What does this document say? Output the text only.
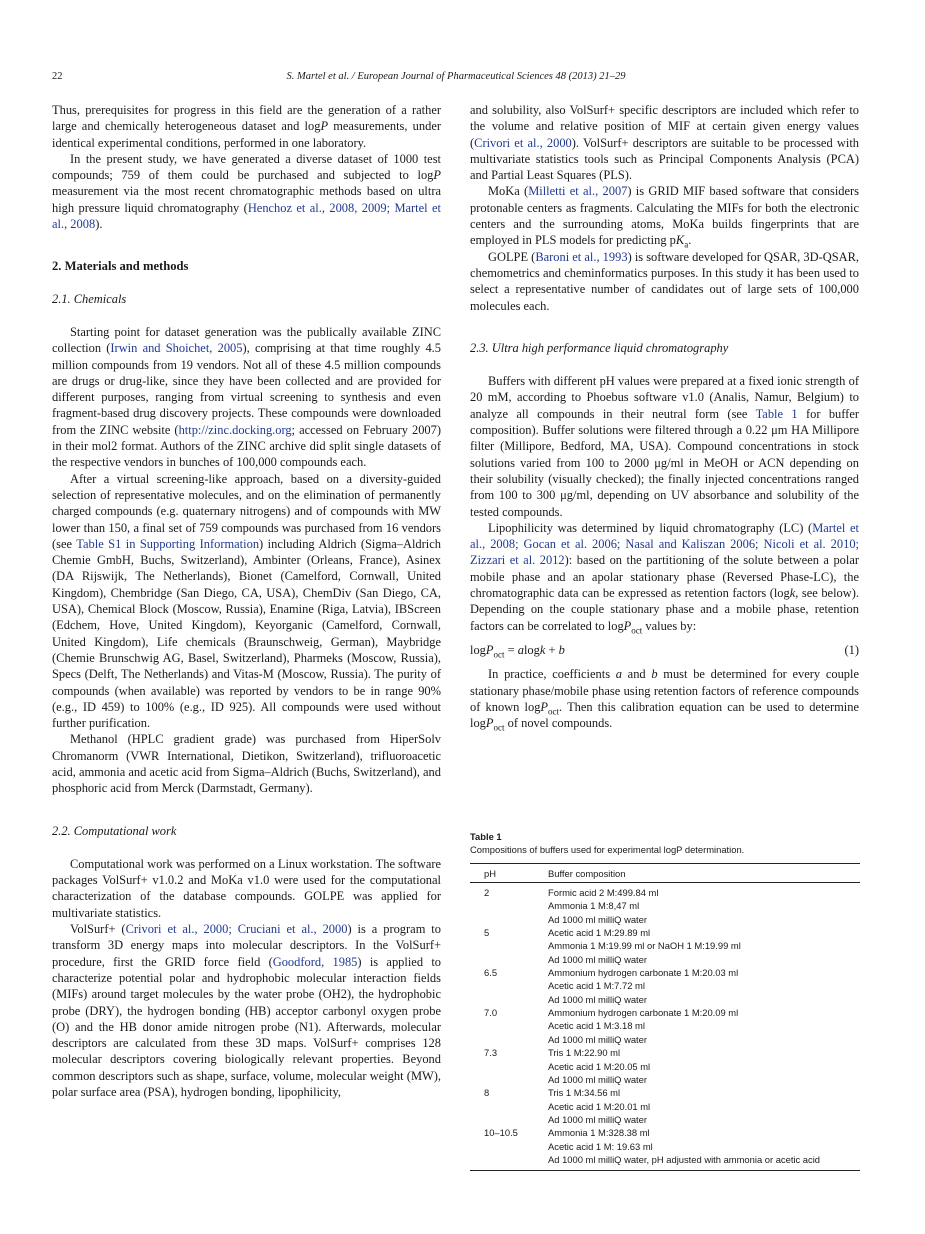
22	S. Martel et al. / European Journal of Pharmaceutical Sciences 48 (2013) 21–29

Thus, prerequisites for progress in this field are the generation of a rather large and chemically heterogeneous dataset and logP measurements, under identical experimental conditions, performed in one laboratory.

In the present study, we have generated a diverse dataset of 1000 test compounds; 759 of them could be purchased and subjected to logP measurement via the most recent chromatographic methods based on ultra high pressure liquid chromatography (Henchoz et al., 2008, 2009; Martel et al., 2008).

2. Materials and methods
2.1. Chemicals

Starting point for dataset generation was the publically available ZINC collection (Irwin and Shoichet, 2005), comprising at that time roughly 4.5 million compounds from 19 vendors. Not all of these 4.5 million compounds are drugs or drug-like, since they have been collected and are provided for different purposes, ranging from virtual screening to synthesis and even fragment-based drug discovery projects. These compounds were downloaded from the ZINC website (http://zinc.docking.org; accessed on February 2007) in their mol2 format. Authors of the ZINC archive did split single datasets of the respective vendors in bunches of 100,000 compounds each.

After a virtual screening-like approach, based on a diversity-guided selection of representative molecules, and on the elimination of permanently charged compounds (e.g. quaternary nitrogens) and of compounds with MW lower than 150, a final set of 759 compounds was purchased from 16 vendors (see Table S1 in Supporting Information) including Aldrich (Sigma–Aldrich Chemie GmbH, Buchs, Switzerland), Ambinter (Orleans, France), Asinex (DA Rijswijk, The Netherlands), Bionet (Camelford, Cornwall, United Kingdom), Chembridge (San Diego, CA, USA), ChemDiv (San Diego, CA, USA), Chemical Block (Moscow, Russia), Enamine (Riga, Latvia), IBScreen (Edchem, Hove, United Kingdom), Keyorganic (Camelford, Cornwall, United Kingdom), Life chemicals (Braunschweig, German), Maybridge (Chemie Brunschwig AG, Basel, Switzerland), Pharmeks (Moscow, Russia), Specs (Delft, The Netherlands) and Vitas-M (Moscow, Russia). The purity of compounds (when available) was reported by vendors to be in range 90% (e.g., ID 459) to 100% (e.g., ID 925). All compounds were used without further purification.

Methanol (HPLC gradient grade) was purchased from HiperSolv Chromanorm (VWR International, Dietikon, Switzerland), trifluoroacetic acid, ammonia and acetic acid from Sigma–Aldrich (Buchs, Switzerland), and phosphoric acid from Merck (Darmstadt, Germany).

2.2. Computational work

Computational work was performed on a Linux workstation. The software packages VolSurf+ v1.0.2 and MoKa v1.0 were used for the computational characterization of the database compounds. GOLPE was applied for multivariate statistics.

VolSurf+ (Crivori et al., 2000; Cruciani et al., 2000) is a program to transform 3D energy maps into molecular descriptors. In the VolSurf+ procedure, first the GRID force field (Goodford, 1985) is applied to characterize potential polar and hydrophobic molecular interaction fields (MIFs) around target molecules by the water probe (OH2), the hydrophobic probe (DRY), the hydrogen bonding (HB) acceptor carbonyl oxygen probe (O) and the HB donor amide nitrogen probe (N1). Afterwards, molecular descriptors are calculated from these 3D maps. VolSurf+ comprises 128 molecular descriptors covering biologically relevant properties. Beyond common descriptors such as shape, surface, volume, molecular weight (MW), polar surface area (PSA), hydrogen bonding, lipophilicity,

and solubility, also VolSurf+ specific descriptors are included which refer to the volume and relative position of MIF at certain given energy values (Crivori et al., 2000). VolSurf+ descriptors are suitable to be processed with multivariate statistics tools such as Principal Components Analysis (PCA) and Partial Least Squares (PLS).

MoKa (Milletti et al., 2007) is GRID MIF based software that considers protonable centers as fragments. Calculating the MIFs for both the electronic centers and the surrounding atoms, MoKa builds fingerprints that are employed in PLS models for predicting $pK_a$.

GOLPE (Baroni et al., 1993) is software developed for QSAR, 3D-QSAR, chemometrics and cheminformatics purposes. In this study it has been used to select a representative number of candidates out of large sets of 100,000 molecules each.

2.3. Ultra high performance liquid chromatography

Buffers with different pH values were prepared at a fixed ionic strength of 20 mM, according to Phoebus software v1.0 (Analis, Namur, Belgium) to analyze all compounds in their neutral form (see Table 1 for buffer composition). Buffer solutions were filtered through a 0.22 μm HA Millipore filter (Millipore, Bedford, MA, USA). Compound concentrations in stock solutions varied from 100 to 2000 μg/ml in MeOH or ACN depending on their solubility (visually checked); the finally injected concentrations ranged from 100 to 300 μg/ml, depending on UV absorbance and solubility of the tested compounds.

Lipophilicity was determined by liquid chromatography (LC) (Martel et al., 2008; Gocan et al. 2006; Nasal and Kaliszan 2006; Nicoli et al. 2010; Zizzari et al. 2012): based on the partitioning of the solute between a polar mobile phase and an apolar stationary phase (Reversed Phase-LC), the chromatographic data can be expressed as retention factors (logk, see below). Depending on the couple stationary phase and a mobile phase, retention factors can be correlated to logP$_{oct}$ values by:

logP$_{oct}$ = alogk + b	(1)

In practice, coefficients a and b must be determined for every couple stationary phase/mobile phase using retention factors of reference compounds of known logP$_{oct}$. Then this calibration equation can be used to determine logP$_{oct}$ of novel compounds.

Table 1
Compositions of buffers used for experimental logP determination.
pH	Buffer composition
2	Formic acid 2 M:499.84 ml
	Ammonia 1 M:8,47 ml
	Ad 1000 ml milliQ water
5	Acetic acid 1 M:29.89 ml
	Ammonia 1 M:19.99 ml or NaOH 1 M:19.99 ml
	Ad 1000 ml milliQ water
6.5	Ammonium hydrogen carbonate 1 M:20.03 ml
	Acetic acid 1 M:7.72 ml
	Ad 1000 ml milliQ water
7.0	Ammonium hydrogen carbonate 1 M:20.09 ml
	Acetic acid 1 M:3.18 ml
	Ad 1000 ml milliQ water
7.3	Tris 1 M:22.90 ml
	Acetic acid 1 M:20.05 ml
	Ad 1000 ml milliQ water
8	Tris 1 M:34.56 ml
	Acetic acid 1 M:20.01 ml
	Ad 1000 ml milliQ water
10–10.5	Ammonia 1 M:328.38 ml
	Acetic acid 1 M: 19.63 ml
	Ad 1000 ml milliQ water, pH adjusted with ammonia or acetic acid
